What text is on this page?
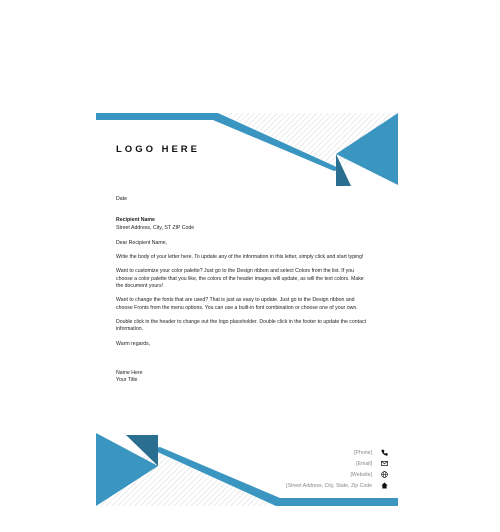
LOGO HERE

Date

Recipient Name

Street Address, City, ST ZIP Code

Dear Recipient Name,

Write the body of your letter here. To update any of the information in this letter, simply click and start typing!

Want to customize your color palette? Just go to the Design ribbon and select Colors from the list. If you choose a color palette that you like, the colors of the header images will update, as will the text colors. Make the document yours!

Want to change the fonts that are used? That is just as easy to update. Just go to the Design ribbon and choose Fronts from the menu options. You can use a built-in font combination or choose one of your own.

Double click in the header to change out the logo placeholder. Double click in the footer to update the contact information.

Warm regards,

Name Here

Your Title

[Phone]
[Email]
[Website]
[Street Address, City, State, Zip Code
